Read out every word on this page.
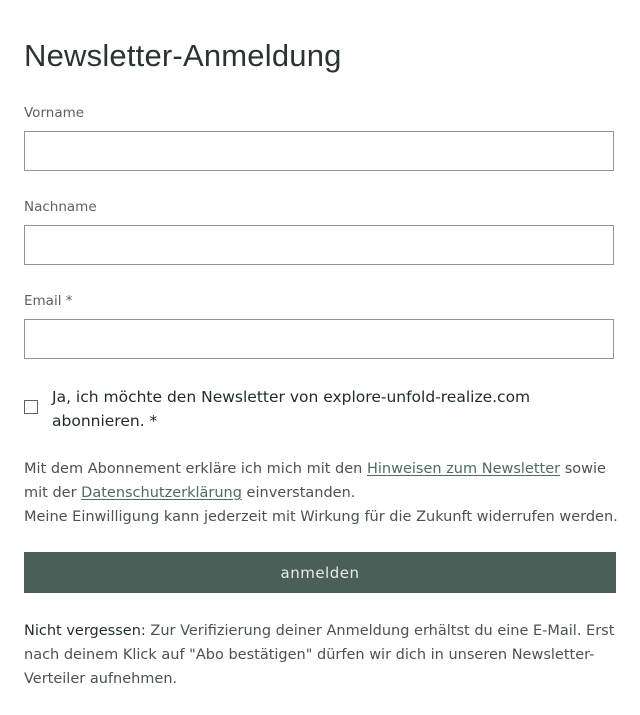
Newsletter-Anmeldung
Vorname
Nachname
Email *
Ja, ich möchte den Newsletter von explore-unfold-realize.com abonnieren. *
Mit dem Abonnement erkläre ich mich mit den Hinweisen zum Newsletter sowie mit der Datenschutzerklärung einverstanden.
Meine Einwilligung kann jederzeit mit Wirkung für die Zukunft widerrufen werden.
anmelden
Nicht vergessen: Zur Verifizierung deiner Anmeldung erhältst du eine E-Mail. Erst nach deinem Klick auf "Abo bestätigen" dürfen wir dich in unseren Newsletter-Verteiler aufnehmen.
